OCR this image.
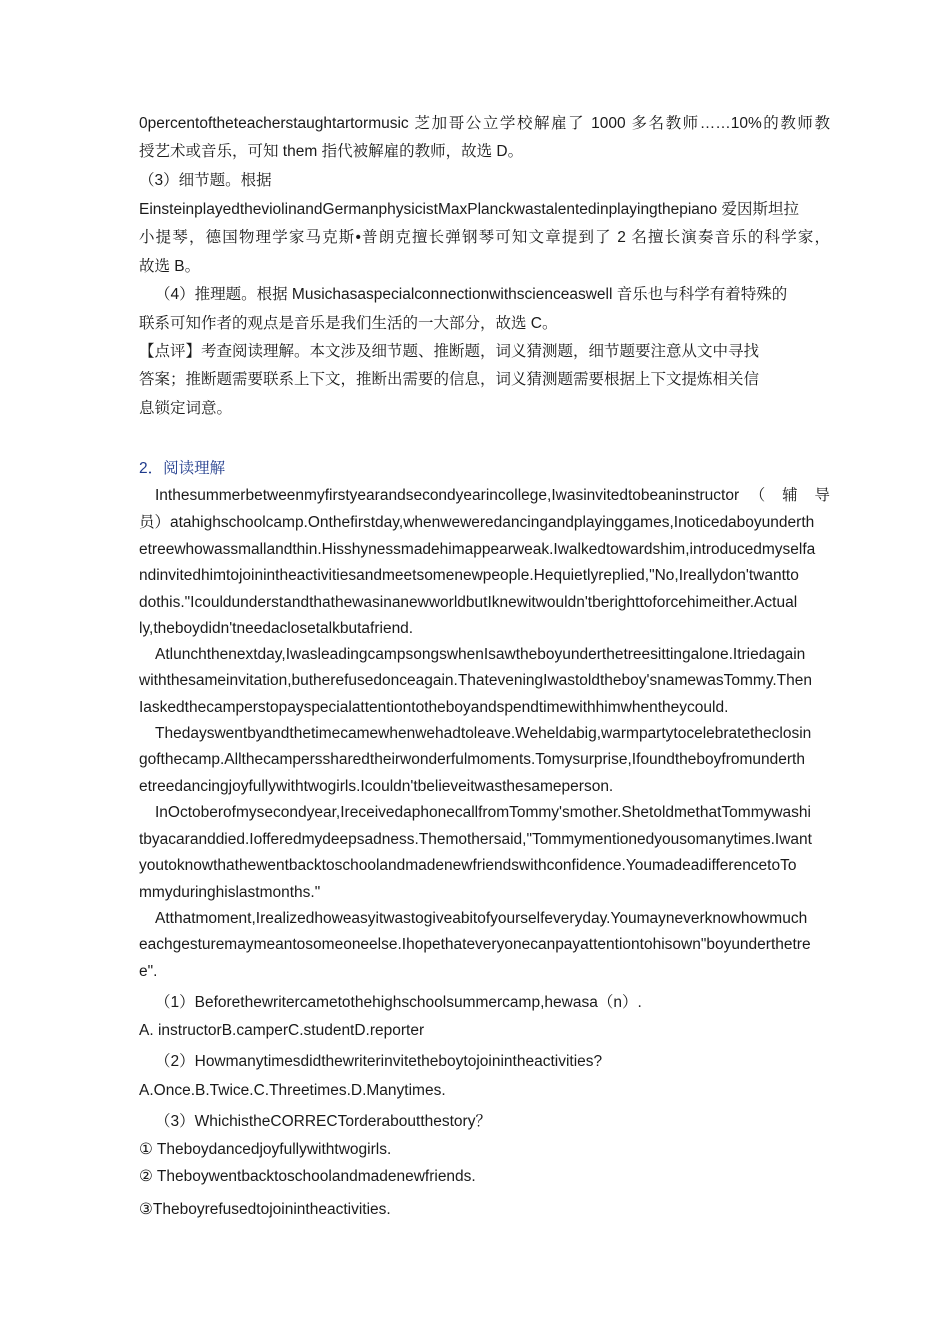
0percentoftheteacherstaughtartormusic 芝加哥公立学校解雇了 1000 多名教师……10%的教师教
授艺术或音乐，可知 them 指代被解雇的教师，故选 D。
（3）细节题。根据
EinsteinplayedtheviolinandGermanphysicistMaxPlanckwastalentedinplayingthepiano 爱因斯坦拉
小提琴，德国物理学家马克斯•普朗克擅长弹钢琴可知文章提到了 2 名擅长演奏音乐的科学家，
故选 B。
（4）推理题。根据 Musichasaspecialconnectionwithscienceaswell 音乐也与科学有着特殊的
联系可知作者的观点是音乐是我们生活的一大部分，故选 C。
【点评】考查阅读理解。本文涉及细节题、推断题，词义猜测题，细节题要注意从文中寻找
答案；推断题需要联系上下文，推断出需要的信息，词义猜测题需要根据上下文提炼相关信
息锁定词意。
2．阅读理解
Inthesummerbetweenmyfirstyearandsecondyearincollege,Iwasinvitedtobeaninstructor （ 辅 导
员）atahighschoolcamp.Onthefirstday,whenweweredancingandplayinggames,Inoticedaboyunderth
etreewhowassmallandthin.Hisshynessmadehimappearweak.Iwalkedtowardshim,introducedmyselfa
ndinvitedhimtojoinintheactivitiesandmeetsomenewpeople.Hequietlyreplied,"No,Ireallydon'twantto
dothis."IcouldunderstandthathewasinanewworldbutIknewitwouldn'tberighttoforcehimeither.Actual
ly,theboydidn'tneedaclosetalkbutafriend.
Atlunchthenextday,IwasleadingcampsongswhenIsawtheboyunderthetreesittingalone.Itriedagain
withthesameinvitation,butherefusedonceagain.ThateveningIwastoldtheboy'snamewasTommy.Then
Iaskedthecamperstopayspecialattentiontotheboyandspendtimewithhimwhentheycould.
Thedayswentbyandthetimecamewhenwehadtoleave.Weheldabig,warmpartytocelebratetheclosin
gofthecamp.Allthecamperssharedtheirwonderfulmoments.Tomysurprise,Ifoundtheboyfromunderth
etreedancingjoyfullywithtwogirls.Icouldn'tbelieveitwasthesameperson.
InOctoberofmysecondyear,IreceivedaphonecallfromTommy'smother.ShetoldmethatTommywashi
tbyacaranddied.Iofferedmydeepsadness.Themothersaid,"Tommymentionedyousomanytimes.Iwant
youtoknowthathewentbacktoschoolandmadenewfriendswithconfidence.YoumadeadifferencetoTo
mmyduringhislastmonths."
Atthatmoment,Irealizedhoweasyitwastogiveabitofyourselfeveryday.Youmayneverknowhowmuch
eachgesturemaymeantosomeoneelse.Ihopethateveryonecanpayattentiontohisown"boyunderthetre
e".
（1）Beforethewritercametothehighschoolsummercamp,hewasa（n）.
A. instructorB.camperC.studentD.reporter
（2）Howmanytimesdidthewriterinvitetheboytojoinintheactivities?
A.Once.B.Twice.C.Threetimes.D.Manytimes.
（3）WhichistheCORRECTorderaboutthestory？
① Theboydancedjoyfullywithtwogirls.
② Theboywentbacktoschoolandmadenewfriends.
③Theboyrefusedtojoinintheactivities.
